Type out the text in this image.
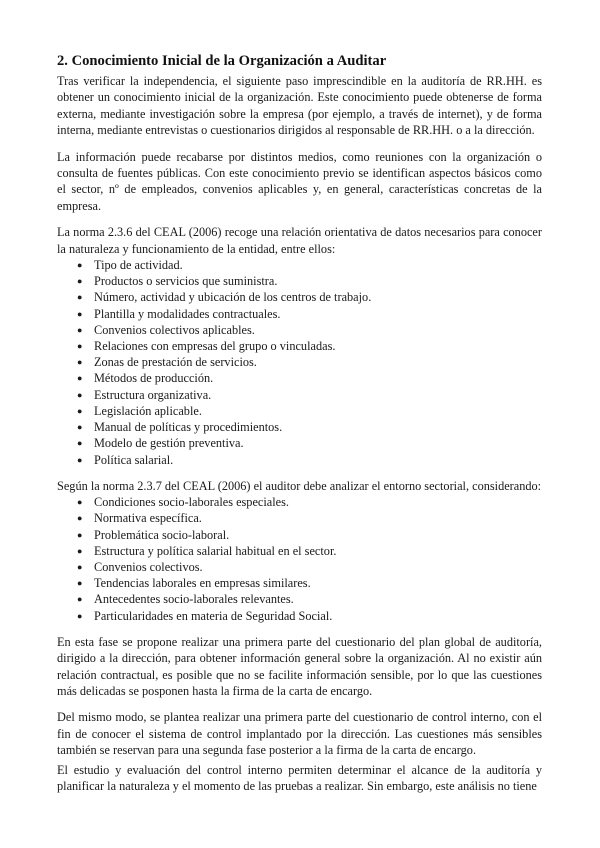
2. Conocimiento Inicial de la Organización a Auditar

Tras verificar la independencia, el siguiente paso imprescindible en la auditoría de RR.HH. es obtener un conocimiento inicial de la organización. Este conocimiento puede obtenerse de forma externa, mediante investigación sobre la empresa (por ejemplo, a través de internet), y de forma interna, mediante entrevistas o cuestionarios dirigidos al responsable de RR.HH. o a la dirección.

La información puede recabarse por distintos medios, como reuniones con la organización o consulta de fuentes públicas. Con este conocimiento previo se identifican aspectos básicos como el sector, nº de empleados, convenios aplicables y, en general, características concretas de la empresa.

La norma 2.3.6 del CEAL (2006) recoge una relación orientativa de datos necesarios para conocer la naturaleza y funcionamiento de la entidad, entre ellos:

● Tipo de actividad.
● Productos o servicios que suministra.
● Número, actividad y ubicación de los centros de trabajo.
● Plantilla y modalidades contractuales.
● Convenios colectivos aplicables.
● Relaciones con empresas del grupo o vinculadas.
● Zonas de prestación de servicios.
● Métodos de producción.
● Estructura organizativa.
● Legislación aplicable.
● Manual de políticas y procedimientos.
● Modelo de gestión preventiva.
● Política salarial.

Según la norma 2.3.7 del CEAL (2006) el auditor debe analizar el entorno sectorial, considerando:

● Condiciones socio-laborales especiales.
● Normativa específica.
● Problemática socio-laboral.
● Estructura y política salarial habitual en el sector.
● Convenios colectivos.
● Tendencias laborales en empresas similares.
● Antecedentes socio-laborales relevantes.
● Particularidades en materia de Seguridad Social.

En esta fase se propone realizar una primera parte del cuestionario del plan global de auditoría, dirigido a la dirección, para obtener información general sobre la organización. Al no existir aún relación contractual, es posible que no se facilite información sensible, por lo que las cuestiones más delicadas se posponen hasta la firma de la carta de encargo.

Del mismo modo, se plantea realizar una primera parte del cuestionario de control interno, con el fin de conocer el sistema de control implantado por la dirección. Las cuestiones más sensibles también se reservan para una segunda fase posterior a la firma de la carta de encargo.

El estudio y evaluación del control interno permiten determinar el alcance de la auditoría y planificar la naturaleza y el momento de las pruebas a realizar. Sin embargo, este análisis no tiene
